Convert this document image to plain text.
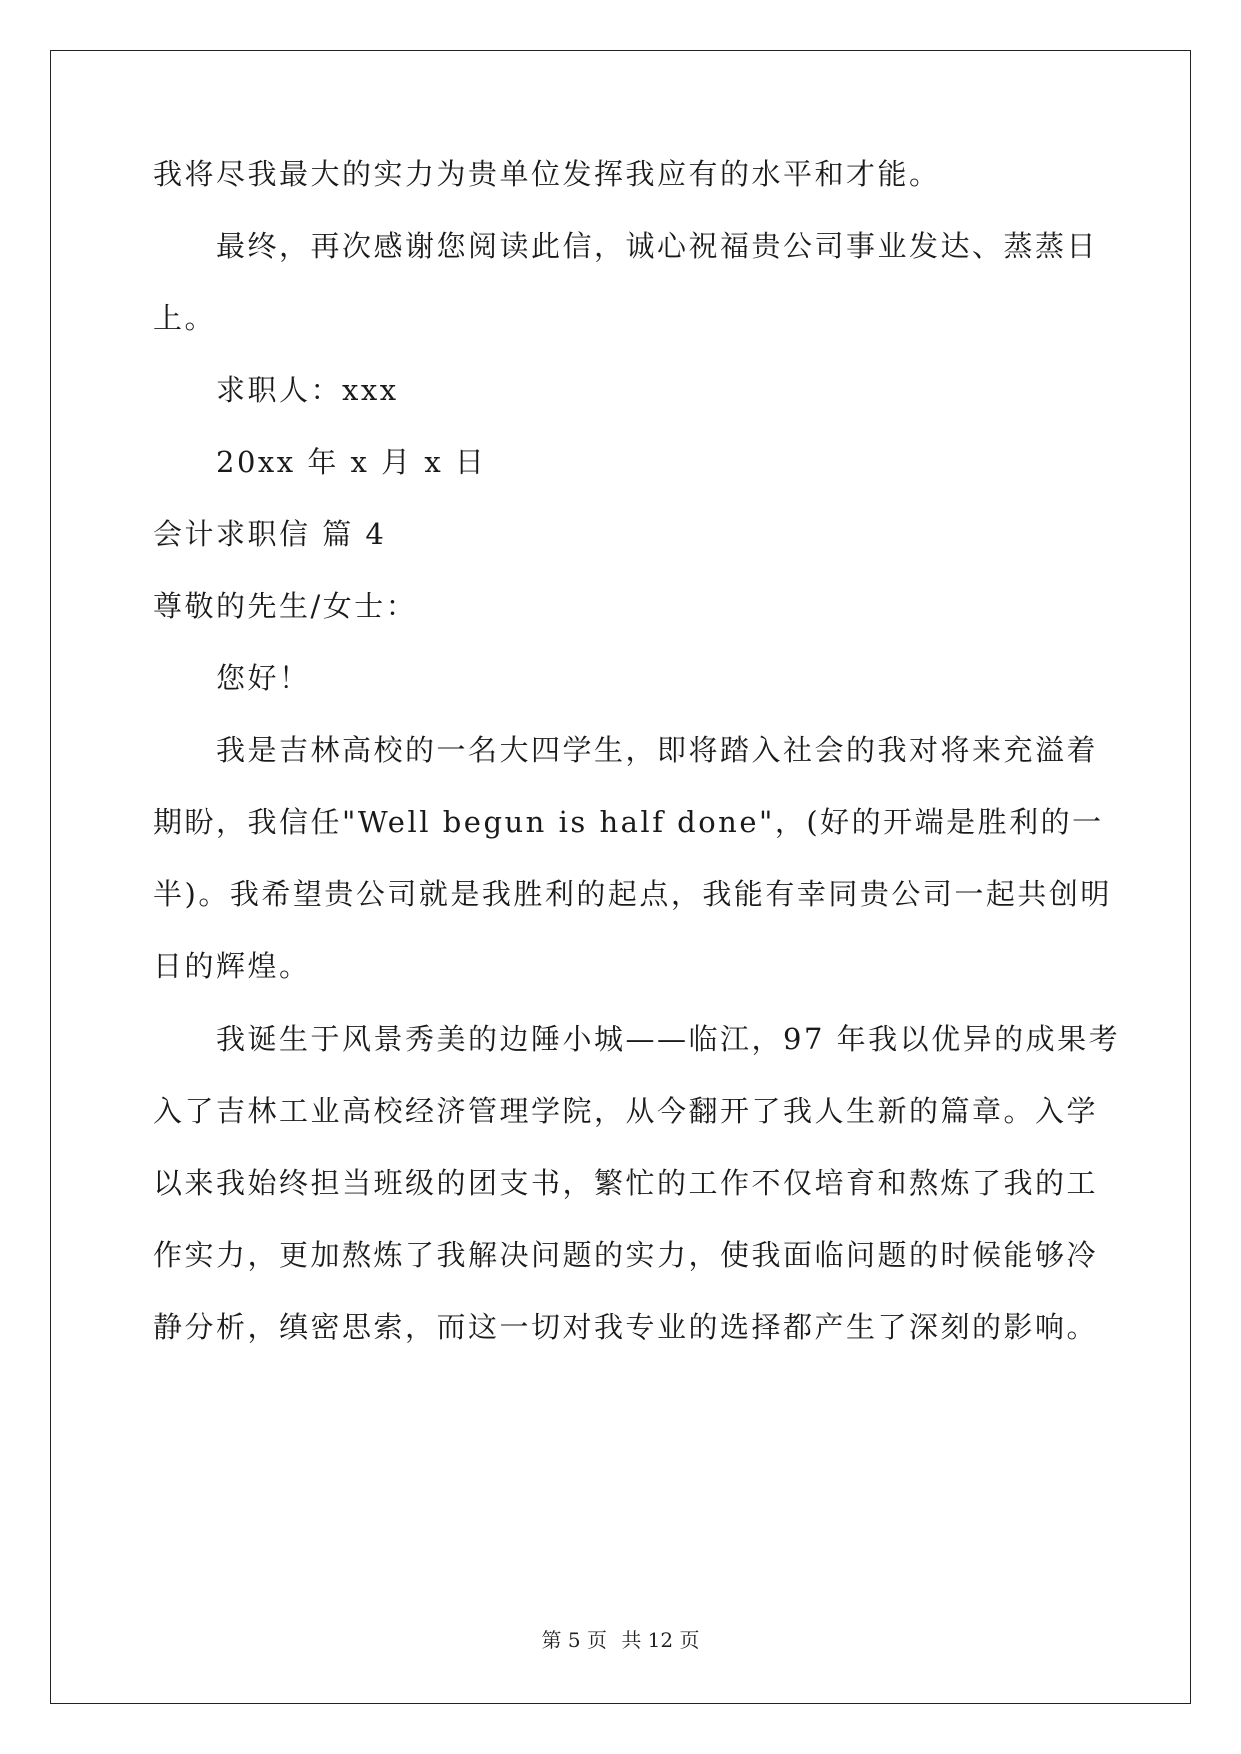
我将尽我最大的实力为贵单位发挥我应有的水平和才能。
最终，再次感谢您阅读此信，诚心祝福贵公司事业发达、蒸蒸日
上。
求职人：xxx
20xx 年 x 月 x 日
会计求职信 篇 4
尊敬的先生/女士：
您好！
我是吉林高校的一名大四学生，即将踏入社会的我对将来充溢着
期盼，我信任"Well begun is half done"，(好的开端是胜利的一
半)。我希望贵公司就是我胜利的起点，我能有幸同贵公司一起共创明
日的辉煌。
我诞生于风景秀美的边陲小城——临江，97 年我以优异的成果考
入了吉林工业高校经济管理学院，从今翻开了我人生新的篇章。入学
以来我始终担当班级的团支书，繁忙的工作不仅培育和熬炼了我的工
作实力，更加熬炼了我解决问题的实力，使我面临问题的时候能够冷
静分析，缜密思索，而这一切对我专业的选择都产生了深刻的影响。
第 5 页 共 12 页
